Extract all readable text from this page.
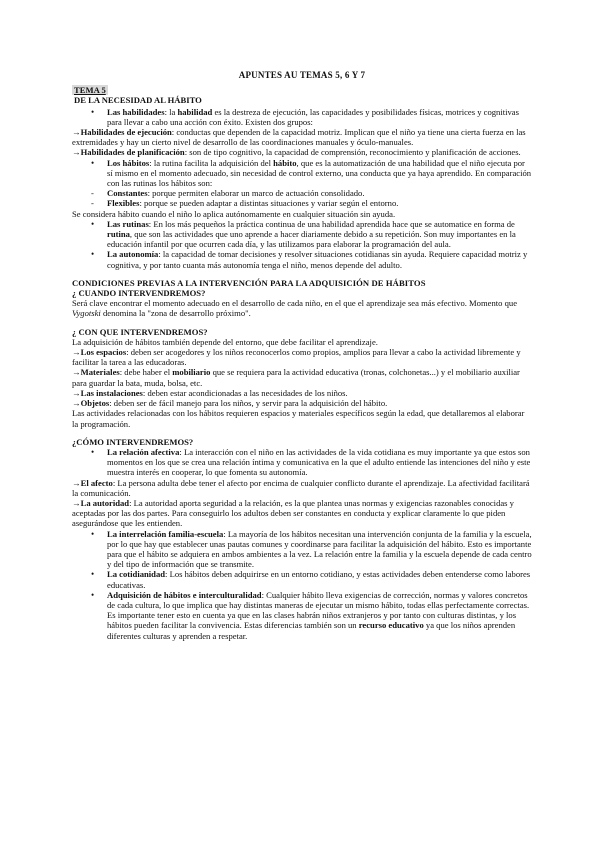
APUNTES AU TEMAS 5, 6 Y 7
TEMA 5
DE LA NECESIDAD AL HÁBITO
• Las habilidades: la habilidad es la destreza de ejecución, las capacidades y posibilidades físicas, motrices y cognitivas para llevar a cabo una acción con éxito. Existen dos grupos:

→Habilidades de ejecución: conductas que dependen de la capacidad motriz. Implican que el niño ya tiene una cierta fuerza en las extremidades y hay un cierto nivel de desarrollo de las coordinaciones manuales y óculo-manuales.

→Habilidades de planificación: son de tipo cognitivo, la capacidad de comprensión, reconocimiento y planificación de acciones.

• Los hábitos: la rutina facilita la adquisición del hábito, que es la automatización de una habilidad que el niño ejecuta por sí mismo en el momento adecuado, sin necesidad de control externo, una conducta que ya haya aprendido. En comparación con las rutinas los hábitos son:
- Constantes: porque permiten elaborar un marco de actuación consolidado.
- Flexibles: porque se pueden adaptar a distintas situaciones y variar según el entorno.

Se considera hábito cuando el niño lo aplica autónomamente en cualquier situación sin ayuda.

• Las rutinas: En los más pequeños la práctica continua de una habilidad aprendida hace que se automatice en forma de rutina, que son las actividades que uno aprende a hacer diariamente debido a su repetición. Son muy importantes en la educación infantil por que ocurren cada día, y las utilizamos para elaborar la programación del aula.
• La autonomía: la capacidad de tomar decisiones y resolver situaciones cotidianas sin ayuda. Requiere capacidad motriz y cognitiva, y por tanto cuanta más autonomía tenga el niño, menos depende del adulto.
CONDICIONES PREVIAS A LA INTERVENCIÓN PARA LA ADQUISICIÓN DE HÁBITOS
¿ CUANDO INTERVENDREMOS?

Será clave encontrar el momento adecuado en el desarrollo de cada niño, en el que el aprendizaje sea más efectivo. Momento que Vygotski denomina la "zona de desarrollo próximo".

¿ CON QUE INTERVENDREMOS?

La adquisición de hábitos también depende del entorno, que debe facilitar el aprendizaje.

→Los espacios: deben ser acogedores y los niños reconocerlos como propios, amplios para llevar a cabo la actividad libremente y facilitar la tarea a las educadoras.

→Materiales: debe haber el mobiliario que se requiera para la actividad educativa (tronas, colchonetas...) y el mobiliario auxiliar para guardar la bata, muda, bolsa, etc.

→Las instalaciones: deben estar acondicionadas a las necesidades de los niños.

→Objetos: deben ser de fácil manejo para los niños, y servir para la adquisición del hábito.

Las actividades relacionadas con los hábitos requieren espacios y materiales específicos según la edad, que detallaremos al elaborar la programación.

¿CÓMO INTERVENDREMOS?
• La relación afectiva: La interacción con el niño en las actividades de la vida cotidiana es muy importante ya que estos son momentos en los que se crea una relación íntima y comunicativa en la que el adulto entiende las intenciones del niño y este muestra interés en cooperar, lo que fomenta su autonomía.

→El afecto: La persona adulta debe tener el afecto por encima de cualquier conflicto durante el aprendizaje. La afectividad facilitará la comunicación.

→La autoridad: La autoridad aporta seguridad a la relación, es la que plantea unas normas y exigencias razonables conocidas y aceptadas por las dos partes. Para conseguirlo los adultos deben ser constantes en conducta y explicar claramente lo que piden asegurándose que les entienden.

• La interrelación familia-escuela: La mayoría de los hábitos necesitan una intervención conjunta de la familia y la escuela, por lo que hay que establecer unas pautas comunes y coordinarse para facilitar la adquisición del hábito. Esto es importante para que el hábito se adquiera en ambos ambientes a la vez. La relación entre la familia y la escuela depende de cada centro y del tipo de información que se transmite.
• La cotidianidad: Los hábitos deben adquirirse en un entorno cotidiano, y estas actividades deben entenderse como labores educativas.
• Adquisición de hábitos e interculturalidad: Cualquier hábito lleva exigencias de corrección, normas y valores concretos de cada cultura, lo que implica que hay distintas maneras de ejecutar un mismo hábito, todas ellas perfectamente correctas. Es importante tener esto en cuenta ya que en las clases habrán niños extranjeros y por tanto con culturas distintas, y los hábitos pueden facilitar la convivencia. Estas diferencias también son un recurso educativo ya que los niños aprenden diferentes culturas y aprenden a respetar.
